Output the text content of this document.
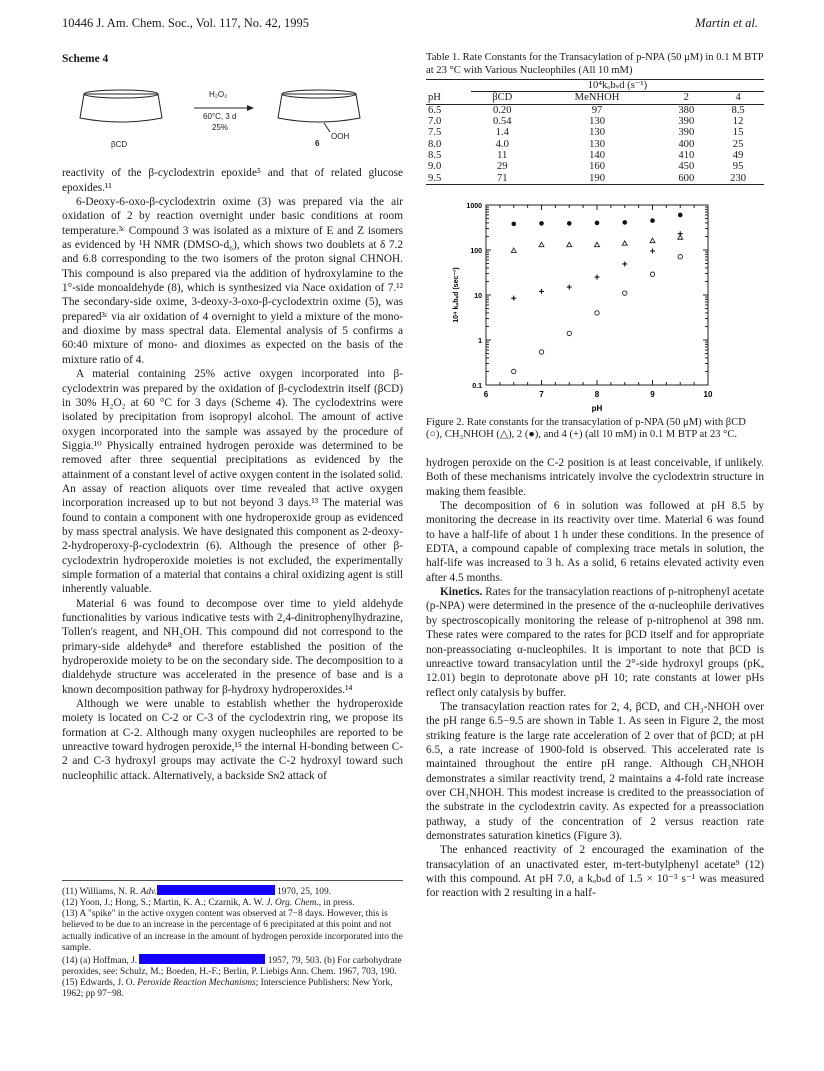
10446 J. Am. Chem. Soc., Vol. 117, No. 42, 1995	Martin et al.
Scheme 4
H₂O₂
60°C, 3 d
25%
βCD	6
OOH

reactivity of the β-cyclodextrin epoxide⁵ and that of related glucose epoxides.¹¹

6-Deoxy-6-oxo-β-cyclodextrin oxime (3) was prepared via the air oxidation of 2 by reaction overnight under basic conditions at room temperature.³ᶜ Compound 3 was isolated as a mixture of E and Z isomers as evidenced by ¹H NMR (DMSO-d₆), which shows two doublets at δ 7.2 and 6.8 corresponding to the two isomers of the proton signal CHNOH. This compound is also prepared via the addition of hydroxylamine to the 1°-side monoaldehyde (8), which is synthesized via Nace oxidation of 7.¹² The secondary-side oxime, 3-deoxy-3-oxo-β-cyclodextrin oxime (5), was prepared³ᶜ via air oxidation of 4 overnight to yield a mixture of the mono- and dioxime by mass spectral data. Elemental analysis of 5 confirms a 60:40 mixture of mono- and dioximes as expected on the basis of the mixture ratio of 4.

A material containing 25% active oxygen incorporated into β-cyclodextrin was prepared by the oxidation of β-cyclodextrin itself (βCD) in 30% H₂O₂ at 60 °C for 3 days (Scheme 4). The cyclodextrins were isolated by precipitation from isopropyl alcohol. The amount of active oxygen incorporated into the sample was assayed by the procedure of Siggia.¹⁰ Physically entrained hydrogen peroxide was determined to be removed after three sequential precipitations as evidenced by the attainment of a constant level of active oxygen content in the isolated solid. An assay of reaction aliquots over time revealed that active oxygen incorporation increased up to but not beyond 3 days.¹³ The material was found to contain a component with one hydroperoxide group as evidenced by mass spectral analysis. We have designated this component as 2-deoxy-2-hydroperoxy-β-cyclodextrin (6). Although the presence of other β-cyclodextrin hydroperoxide moieties is not excluded, the experimentally simple formation of a material that contains a chiral oxidizing agent is still inherently valuable.

Material 6 was found to decompose over time to yield aldehyde functionalities by various indicative tests with 2,4-dinitrophenylhydrazine, Tollen's reagent, and NH₂OH. This compound did not correspond to the primary-side aldehyde⁸ and therefore established the position of the hydroperoxide moiety to be on the secondary side. The decomposition to a dialdehyde structure was accelerated in the presence of base and is a known decomposition pathway for β-hydroxy hydroperoxides.¹⁴

Although we were unable to establish whether the hydroperoxide moiety is located on C-2 or C-3 of the cyclodextrin ring, we propose its formation at C-2. Although many oxygen nucleophiles are reported to be unreactive toward hydrogen peroxide,¹⁵ the internal H-bonding between C-2 and C-3 hydroxyl groups may activate the C-2 hydroxyl toward such nucleophilic attack. Alternatively, a backside Sɴ2 attack of

(11) Williams, N. R. Adv.	1970, 25, 109.
(12) Yoon, J.; Hong, S.; Martin, K. A.; Czarnik, A. W. J. Org. Chem., in press.
(13) A "spike" in the active oxygen content was observed at 7−8 days. However, this is believed to be due to an increase in the percentage of 6 precipitated at this point and not actually indicative of an increase in the amount of hydrogen peroxide incorporated into the sample.
(14) (a) Hoffman, J.	1957, 79, 503. (b) For carbohydrate peroxides, see: Schulz, M.; Boeden, H.-F.; Berlin, P. Liebigs Ann. Chem. 1967, 703, 190.
(15) Edwards, J. O. Peroxide Reaction Mechanisms; Interscience Publishers: New York, 1962; pp 97−98.
Table 1. Rate Constants for the Transacylation of p-NPA (50 μM) in 0.1 M BTP at 23 °C with Various Nucleophiles (All 10 mM)
	10⁴kₒbₛd (s⁻¹)			
pH	βCD	MeNHOH	2	4
6.5	0.20	97	380	8.5
7.0	0.54	130	390	12
7.5	1.4	130	390	15
8.0	4.0	130	400	25
8.5	11	140	410	49
9.0	29	160	450	95
9.5	71	190	600	230
6	7	8	9	10
0.1
1
10
100
1000
pH
10⁴ kₒbₛd (sec⁻¹)
Figure 2. Rate constants for the transacylation of p-NPA (50 μM) with βCD (○), CH₃NHOH (△), 2 (●), and 4 (+) (all 10 mM) in 0.1 M BTP at 23 °C.

hydrogen peroxide on the C-2 position is at least conceivable, if unlikely. Both of these mechanisms intricately involve the cyclodextrin structure in making them feasible.

The decomposition of 6 in solution was followed at pH 8.5 by monitoring the decrease in its reactivity over time. Material 6 was found to have a half-life of about 1 h under these conditions. In the presence of EDTA, a compound capable of complexing trace metals in solution, the half-life was increased to 3 h. As a solid, 6 retains elevated activity even after 4.5 months.

Kinetics. Rates for the transacylation reactions of p-nitrophenyl acetate (p-NPA) were determined in the presence of the α-nucleophile derivatives by spectroscopically monitoring the release of p-nitrophenol at 398 nm. These rates were compared to the rates for βCD itself and for appropriate non-preassociating α-nucleophiles. It is important to note that βCD is unreactive toward transacylation until the 2°-side hydroxyl groups (pKₐ 12.01) begin to deprotonate above pH 10; rate constants at lower pHs reflect only catalysis by buffer.

The transacylation reaction rates for 2, 4, βCD, and CH₃-NHOH over the pH range 6.5−9.5 are shown in Table 1. As seen in Figure 2, the most striking feature is the large rate acceleration of 2 over that of βCD; at pH 6.5, a rate increase of 1900-fold is observed. This accelerated rate is maintained throughout the entire pH range. Although CH₃NHOH demonstrates a similar reactivity trend, 2 maintains a 4-fold rate increase over CH₃NHOH. This modest increase is credited to the preassociation of the substrate in the cyclodextrin cavity. As expected for a preassociation pathway, a study of the concentration of 2 versus reaction rate demonstrates saturation kinetics (Figure 3).

The enhanced reactivity of 2 encouraged the examination of the transacylation of an unactivated ester, m-tert-butylphenyl acetate⁹ (12) with this compound. At pH 7.0, a kₒbₛd of 1.5 × 10⁻³ s⁻¹ was measured for reaction with 2 resulting in a half-
